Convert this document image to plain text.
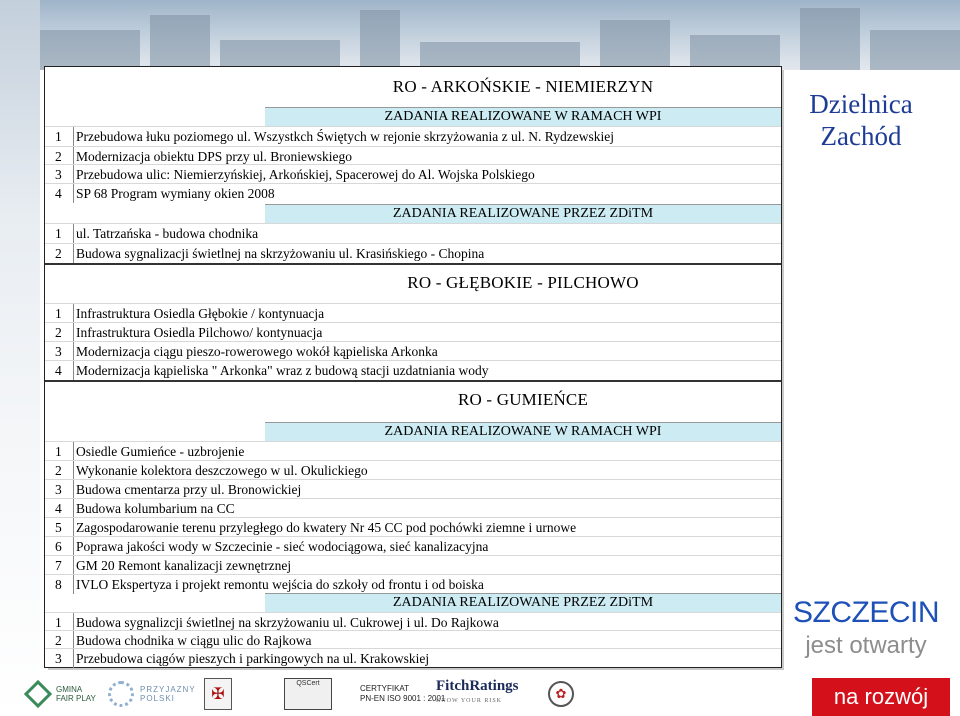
RO - ARKOŃSKIE - NIEMIERZYN
ZADANIA REALIZOWANE W RAMACH WPI
1	Przebudowa łuku poziomego ul. Wszystkch Świętych w rejonie skrzyżowania z ul. N. Rydzewskiej
2	Modernizacja obiektu DPS przy ul. Broniewskiego
3	Przebudowa ulic: Niemierzyńskiej, Arkońskiej, Spacerowej do Al. Wojska Polskiego
4	SP 68 Program wymiany okien 2008
ZADANIA REALIZOWANE PRZEZ ZDiTM
1	ul. Tatrzańska - budowa chodnika
2	Budowa sygnalizacji świetlnej na skrzyżowaniu ul. Krasińskiego - Chopina
RO - GŁĘBOKIE - PILCHOWO
1	Infrastruktura Osiedla Głębokie / kontynuacja
2	Infrastruktura Osiedla Pilchowo/ kontynuacja
3	Modernizacja ciągu pieszo-rowerowego wokół kąpieliska Arkonka
4	Modernizacja kąpieliska " Arkonka" wraz z budową stacji uzdatniania wody
RO - GUMIEŃCE
ZADANIA REALIZOWANE W RAMACH WPI
1	Osiedle Gumieńce - uzbrojenie
2	Wykonanie kolektora deszczowego w ul. Okulickiego
3	Budowa cmentarza przy ul. Bronowickiej
4	Budowa kolumbarium na CC
5	Zagospodarowanie terenu przyległego do kwatery Nr 45 CC pod pochówki ziemne i urnowe
6	Poprawa jakości wody w Szczecinie - sieć wodociągowa, sieć kanalizacyjna
7	GM 20 Remont kanalizacji zewnętrznej
8	IVLO Ekspertyza i projekt remontu wejścia do szkoły od frontu i od boiska
ZADANIA REALIZOWANE PRZEZ ZDiTM
1	Budowa sygnalizcji świetlnej na skrzyżowaniu ul. Cukrowej i ul. Do Rajkowa
2	Budowa chodnika w ciągu ulic do Rajkowa
3	Przebudowa ciągów pieszych i parkingowych na ul. Krakowskiej
Dzielnica
Zachód
SZCZECIN
jest otwarty
na rozwój
GMINA
FAIR PLAY
PRZYJAZNY
POLSKI	✠
QSCert
CERTYFIKAT
PN-EN ISO 9001 : 2001
FitchRatings
KNOW YOUR RISK	✿
